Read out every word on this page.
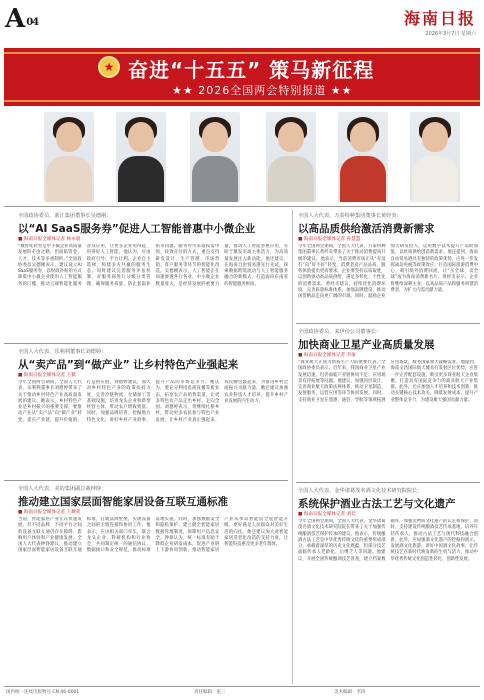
A 04	海南日报
2026年3月7日 星期六
★ 奋进“十五五” 策马新征程
★★ 2026全国两会特别报道 ★★
全国政协委员、浙江集团董事长吴德刚：
以“AI SaaS服务券”促进人工智能普惠中小微企业
■ 海南日报全媒体记者 杨永晨
“数智化转型是中小微企业高质量发展的必由之路，但面临资金、人才、技术等多重制约。”全国政协委员吴德刚表示，建议设立AI SaaS服务券，以财政补贴的方式降低中小微企业使用人工智能服务的门槛，推动云端智能化服务普及应用，让更多企业用得起、用得好人工智能。他认为，应由政府引导、平台让利、企业自主选择，构建多方共赢的服务生态。同时建议完善服务评估机制，对服务商进行分级分类管理，确保服务质量，防止套取补贴等问题。服务券可采取按需申领、按效兑付的方式，重点支持研发设计、生产管理、市场营销、客户服务等环节的智能化改造。吴德刚表示，人工智能正在加速渗透各行各业，中小微企业数量庞大，是经济发展的重要力量，推动人工智能普惠应用，有助于激发市场主体活力，为高质量发展注入新动能。他还建议，在海南自由贸易港先行先试，探索数据跨境流动与人工智能服务融合的新模式，打造面向东南亚的智能服务枢纽。
全国人大代表、乐利利董事长刘德婷：
从“卖产品”到“做产业” 让乡村特色产业强起来
■ 海南日报全媒体记者 王薇
今年全国两会期间，全国人大代表、乐利利董事长刘德婷带来了关于推动乡村特色产业高质量发展的建议。她表示，乡村特色产业是乡村振兴的重要支撑，要推动产业从“卖产品”向“做产业”转变，延长产业链、提升价值链、打造供应链。刘德婷建议，加大对乡村特色产业的政策扶持力度，完善冷链物流、仓储加工等基础设施，培育龙头企业和新型经营主体，带动农户增收致富。同时，加强品牌培育，挖掘地方特色文化，讲好乡村产业故事，提升产品的市场竞争力。她认为，要充分利用电商直播等新业态，拓宽农产品销售渠道，让更多特色农产品走出乡村、走向全国。刘德婷表示，将继续扎根乡村，带动更多农民参与特色产业发展，让乡村产业真正强起来、农民腰包鼓起来，为推进乡村全面振兴贡献力量。她还建议加强农业科技人才培养，提升乡村产业发展的内生动力。
全国人大代表、美的集团副总裁钟铮：
推动建立国家层面智能家居设备互联互通标准
■ 海南日报全媒体记者 王耀荣
当前，智能家居产业正在快速发展，但不同品牌、不同平台之间的设备互联互通仍存在障碍，影响用户体验和产业健康发展。全国人大代表钟铮建议，推动建立国家层面智能家居设备互联互通标准，打破品牌壁垒，实现设备之间的无缝连接和协同工作。他表示，应由相关部门牵头，联合龙头企业、科研机构和行业协会，共同制定统一的通信协议、数据接口和安全规范，推动标准落地实施。同时，加强数据安全和隐私保护，建立健全智能家居数据管理制度，保障用户信息安全。钟铮认为，统一标准有助于降低企业研发成本，促进产业链上下游协同创新，推动智能家居产业从单品智能向全屋智能升级，更好满足人民群众对美好生活的向往。他还建议加大对智能家居适老化改造的支持力度，让智能科技惠及更多老年群体。
全国人大代表、万泰特种集团董事长黄经炎：
以高品质供给激活消费新需求
■ 海南日报全媒体记者 孙慧慧
今年全国两会期间，全国人大代表、万泰特种集团董事长黄经炎带来了关于推动消费提质升级的建议。他表示，当前消费市场正从“有没有”向“好不好”转变，消费者对产品品质、服务体验提出更高要求。企业要坚持以质取胜，以创新驱动高品质供给，满足多样化、个性化的消费需求。黄经炎建议，持续优化消费环境，完善质量标准体系，加强品牌建设，推动国货精品走向更广阔的市场。同时，鼓励企业加大研发投入，运用数字技术提升产品附加值，以优质供给创造新需求。他还提到，海南自由贸易港具有独特的政策优势，应进一步发挥离岛免税等政策效应，打造国际旅游消费中心，吸引境外消费回流，让“买全球、卖全球”成为海南消费新名片。黄经炎表示，企业将继续深耕主业，以高品质产品和服务回馈消费者，为扩大内需贡献力量。
全国政协委员、来伊份公司董事长：
加快商业卫星产业高质量发展
■ 海南日报全媒体记者 李豪
“商业航天正成为新质生产力的重要代表。”全国政协委员表示，近年来，我国商业卫星产业发展迅速，但仍面临产业链协同不足、应用场景有待拓展等问题。他建议，加强顶层设计，完善商业航天政策法规体系，推动卫星制造、发射服务、运营应用等环节协同发展。同时，支持商业卫星在遥感、通信、导航等领域拓展应用场景，服务国家重大战略需求。他提到，海南文昌国际航天城具有发射区位优势，应进一步完善配套设施，吸引更多商业航天企业集聚，打造具有国际竞争力的商业航天产业集群。此外，还应加强人才培养和技术创新，推动关键核心技术攻关，降低发射成本，提升产业整体竞争力，为建设航天强国贡献力量。
全国人大代表、金华诸葛茂名酒文化技术研究院院长：
系统保护酒业古法工艺与文化遗产
■ 海南日报全媒体记者 刘佳
今年全国两会期间，全国人大代表、金华诸葛茂名酒文化技术研究院院长带来了关于加强传统酿酒技艺保护传承的建议。他表示，传统酿酒古法工艺是中华优秀传统文化的重要组成部分，承载着深厚的历史文化底蕴，但部分技艺面临传承人老龄化、后继乏人等问题。他建议，开展全国传统酿酒技艺普查，建立档案数据库，加强非物质文化遗产的认定和保护。同时，支持建设传统酿酒技艺传承基地，培养年轻传承人，推动古法工艺与现代科技融合创新。此外，应加强酒文化遗产的挖掘和展示，发展酒文化旅游，讲好中国酒文化故事，让传统技艺在新时代焕发新的生机与活力，推动中华优秀传统文化创造性转化、创新性发展。
国内统一连续出版物号 CN 46-0001	责任编辑：张三	美术编辑：李四
